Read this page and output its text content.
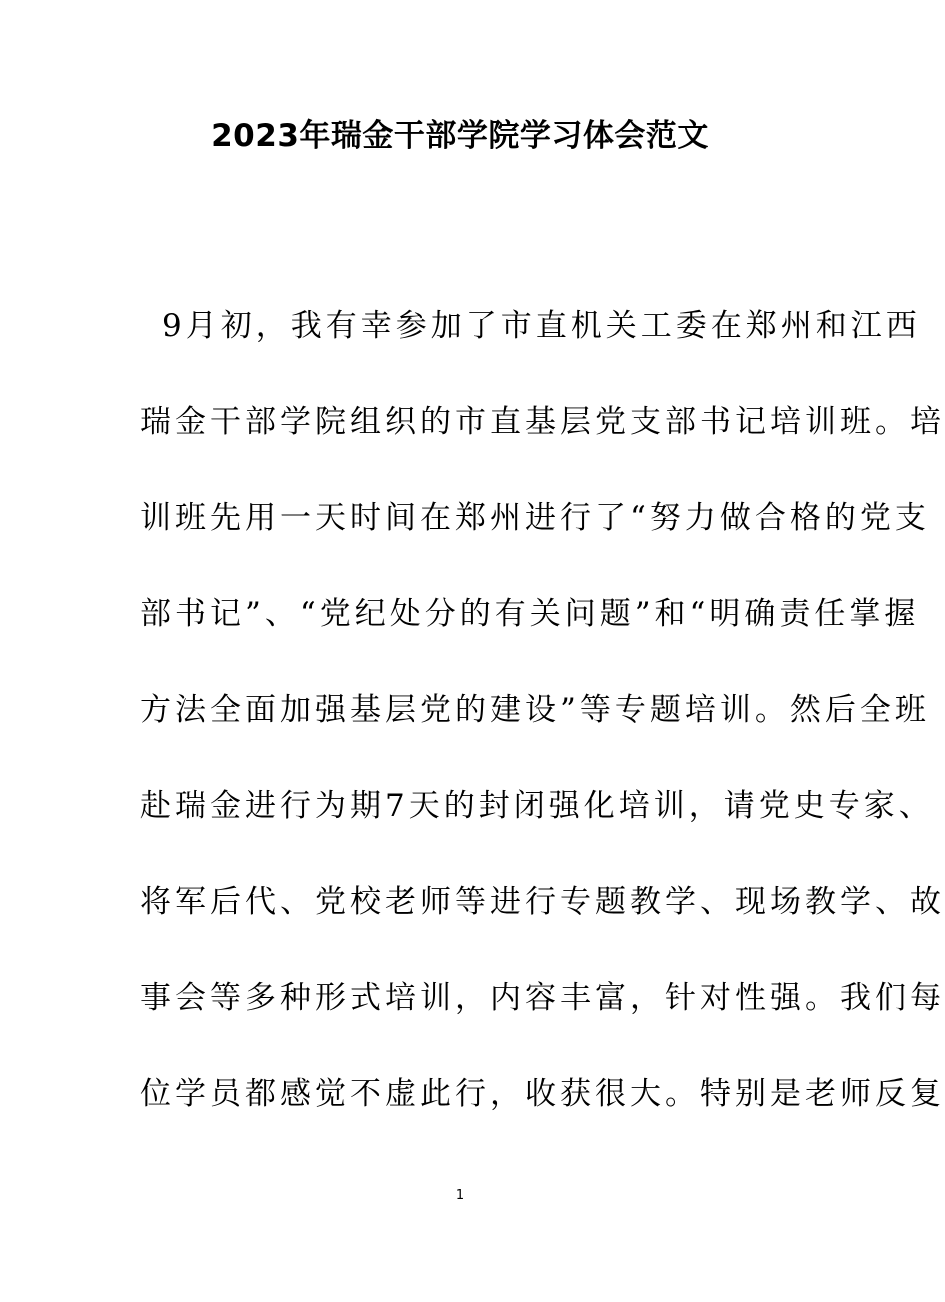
2023年瑞金干部学院学习体会范文
9月初，我有幸参加了市直机关工委在郑州和江西
瑞金干部学院组织的市直基层党支部书记培训班。培
训班先用一天时间在郑州进行了“努力做合格的党支
部书记”、“党纪处分的有关问题”和“明确责任掌握
方法全面加强基层党的建设”等专题培训。然后全班
赴瑞金进行为期7天的封闭强化培训，请党史专家、
将军后代、党校老师等进行专题教学、现场教学、故
事会等多种形式培训，内容丰富，针对性强。我们每
位学员都感觉不虚此行，收获很大。特别是老师反复
1
